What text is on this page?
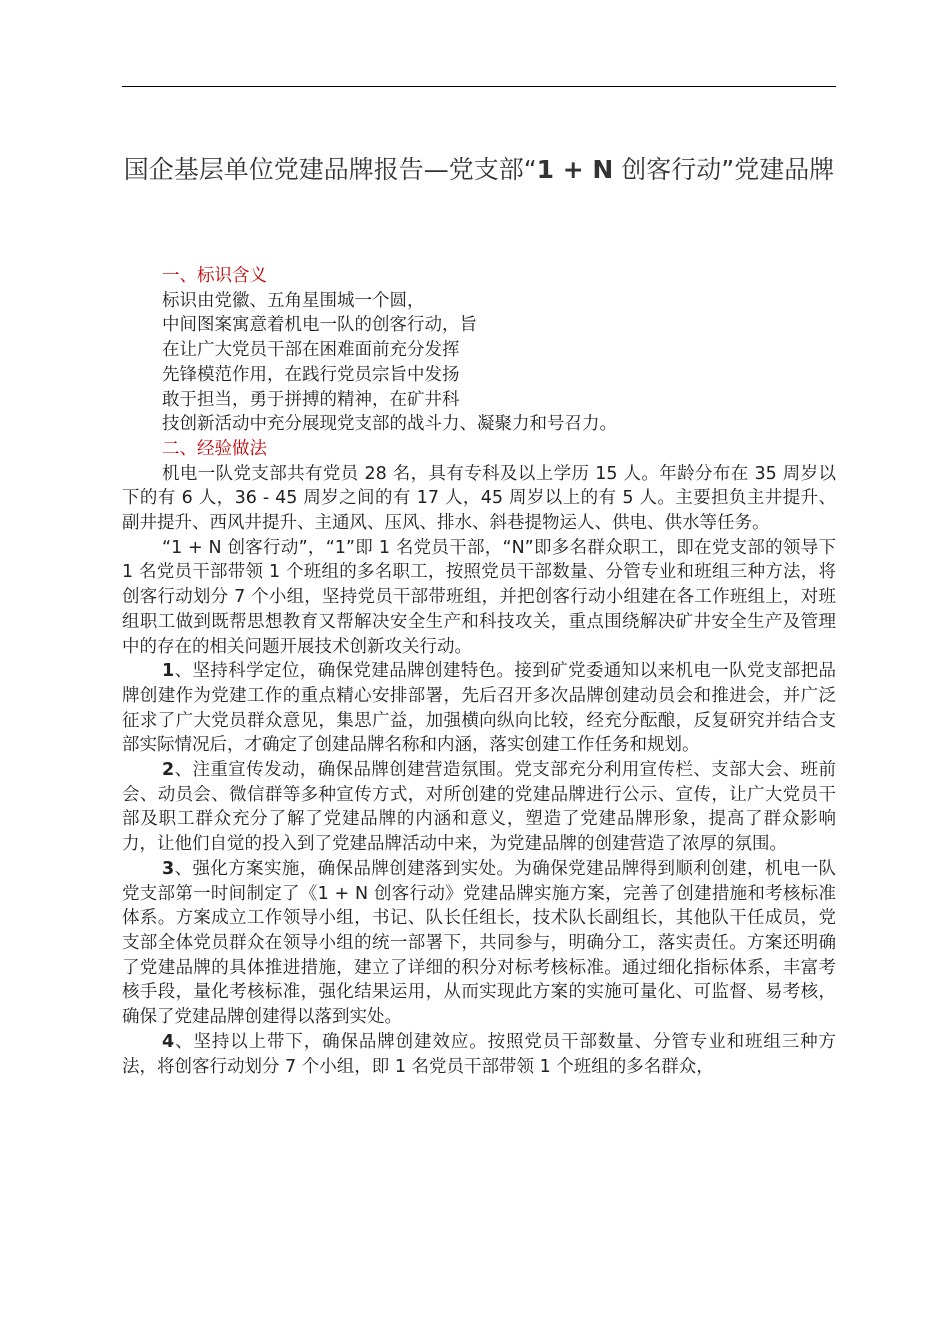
国企基层单位党建品牌报告—党支部“1 + N 创客行动”党建品牌
一、标识含义
标识由党徽、五角星围城一个圆，
中间图案寓意着机电一队的创客行动，旨
在让广大党员干部在困难面前充分发挥
先锋模范作用，在践行党员宗旨中发扬
敢于担当，勇于拼搏的精神，在矿井科
技创新活动中充分展现党支部的战斗力、凝聚力和号召力。
二、经验做法

机电一队党支部共有党员 28 名，具有专科及以上学历 15 人。年龄分布在 35 周岁以下的有 6 人，36 - 45 周岁之间的有 17 人，45 周岁以上的有 5 人。主要担负主井提升、副井提升、西风井提升、主通风、压风、排水、斜巷提物运人、供电、供水等任务。

“1 + N 创客行动”，“1”即 1 名党员干部，“N”即多名群众职工，即在党支部的领导下 1 名党员干部带领 1 个班组的多名职工，按照党员干部数量、分管专业和班组三种方法，将创客行动划分 7 个小组，坚持党员干部带班组，并把创客行动小组建在各工作班组上，对班组职工做到既帮思想教育又帮解决安全生产和科技攻关，重点围绕解决矿井安全生产及管理中的存在的相关问题开展技术创新攻关行动。

1、坚持科学定位，确保党建品牌创建特色。接到矿党委通知以来机电一队党支部把品牌创建作为党建工作的重点精心安排部署，先后召开多次品牌创建动员会和推进会，并广泛征求了广大党员群众意见，集思广益，加强横向纵向比较，经充分酝酿，反复研究并结合支部实际情况后，才确定了创建品牌名称和内涵，落实创建工作任务和规划。

2、注重宣传发动，确保品牌创建营造氛围。党支部充分利用宣传栏、支部大会、班前会、动员会、微信群等多种宣传方式，对所创建的党建品牌进行公示、宣传，让广大党员干部及职工群众充分了解了党建品牌的内涵和意义，塑造了党建品牌形象，提高了群众影响力，让他们自觉的投入到了党建品牌活动中来，为党建品牌的创建营造了浓厚的氛围。

3、强化方案实施，确保品牌创建落到实处。为确保党建品牌得到顺利创建，机电一队党支部第一时间制定了《1 + N 创客行动》党建品牌实施方案，完善了创建措施和考核标准体系。方案成立工作领导小组，书记、队长任组长，技术队长副组长，其他队干任成员，党支部全体党员群众在领导小组的统一部署下，共同参与，明确分工，落实责任。方案还明确了党建品牌的具体推进措施，建立了详细的积分对标考核标准。通过细化指标体系，丰富考核手段，量化考核标准，强化结果运用，从而实现此方案的实施可量化、可监督、易考核，确保了党建品牌创建得以落到实处。

4、坚持以上带下，确保品牌创建效应。按照党员干部数量、分管专业和班组三种方法，将创客行动划分 7 个小组，即 1 名党员干部带领 1 个班组的多名群众，
